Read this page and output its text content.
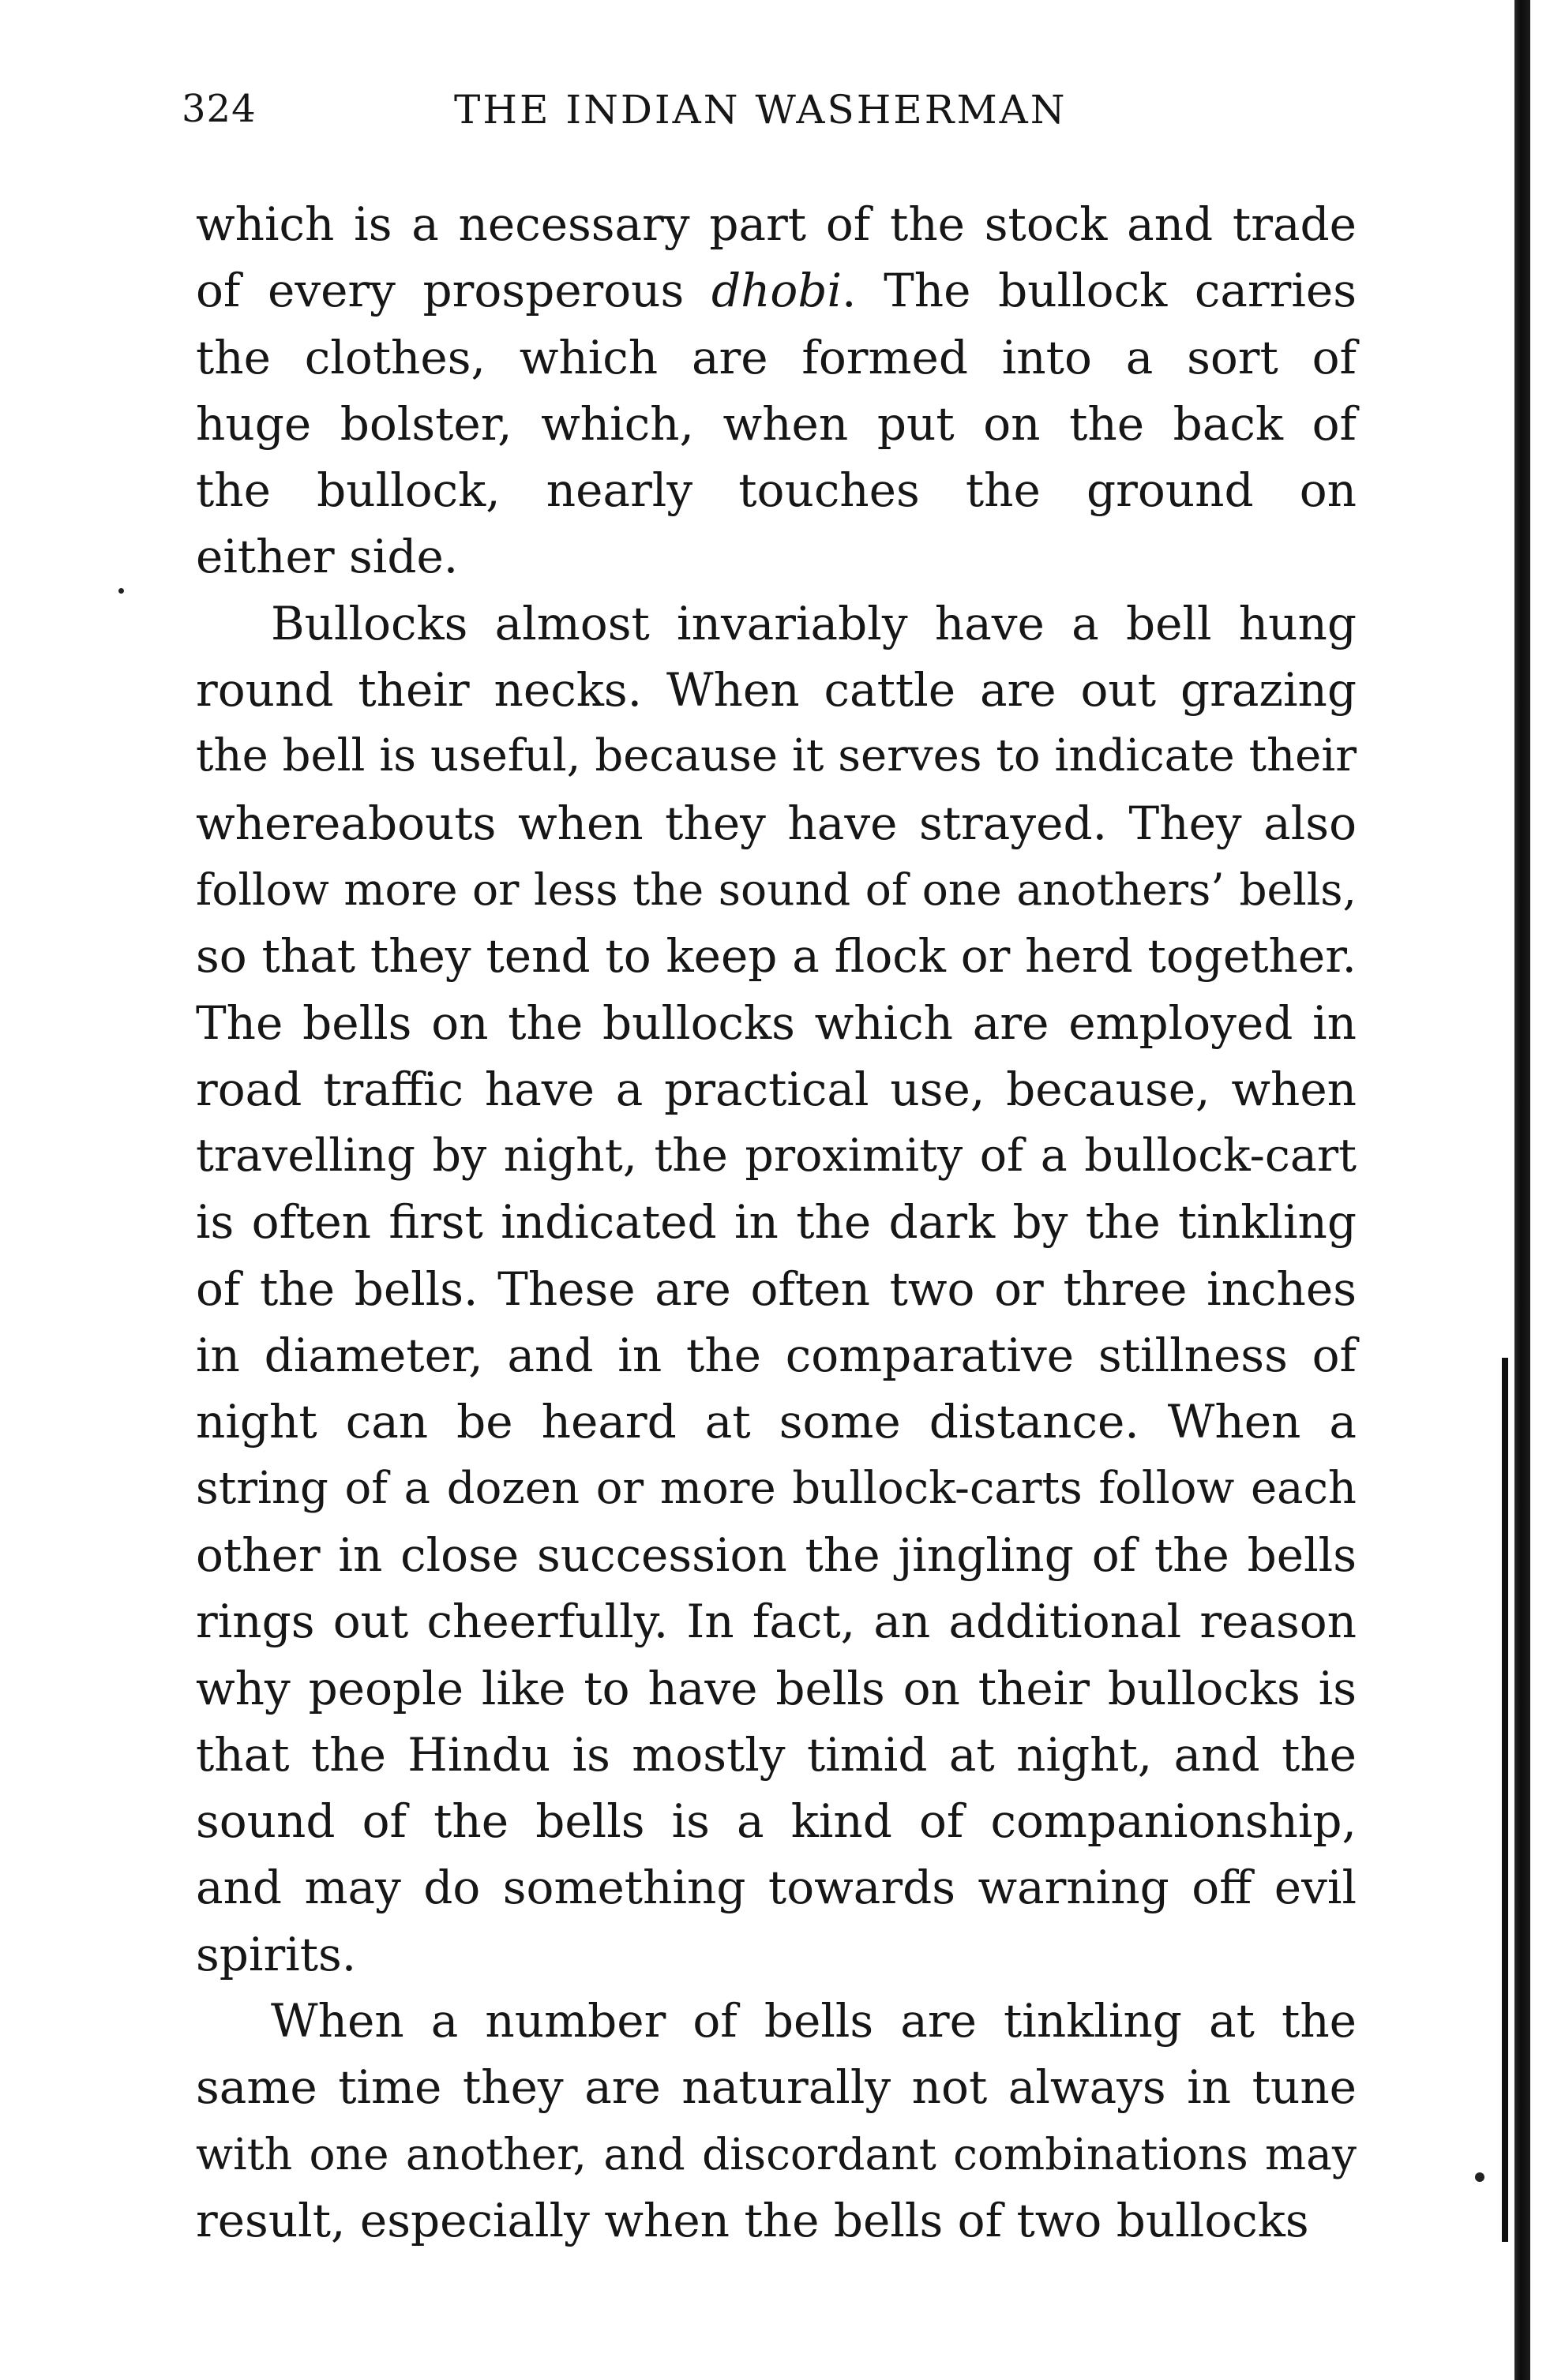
324	THE INDIAN WASHERMAN
which is a necessary part of the stock and trade
of every prosperous dhobi. The bullock carries
the clothes, which are formed into a sort of
huge bolster, which, when put on the back of
the bullock, nearly touches the ground on
either side.
Bullocks almost invariably have a bell hung
round their necks. When cattle are out grazing
the bell is useful, because it serves to indicate their
whereabouts when they have strayed. They also
follow more or less the sound of one anothers’ bells,
so that they tend to keep a flock or herd together.
The bells on the bullocks which are employed in
road traffic have a practical use, because, when
travelling by night, the proximity of a bullock-cart
is often first indicated in the dark by the tinkling
of the bells. These are often two or three inches
in diameter, and in the comparative stillness of
night can be heard at some distance. When a
string of a dozen or more bullock-carts follow each
other in close succession the jingling of the bells
rings out cheerfully. In fact, an additional reason
why people like to have bells on their bullocks is
that the Hindu is mostly timid at night, and the
sound of the bells is a kind of companionship,
and may do something towards warning off evil
spirits.
When a number of bells are tinkling at the
same time they are naturally not always in tune
with one another, and discordant combinations may
result, especially when the bells of two bullocks
